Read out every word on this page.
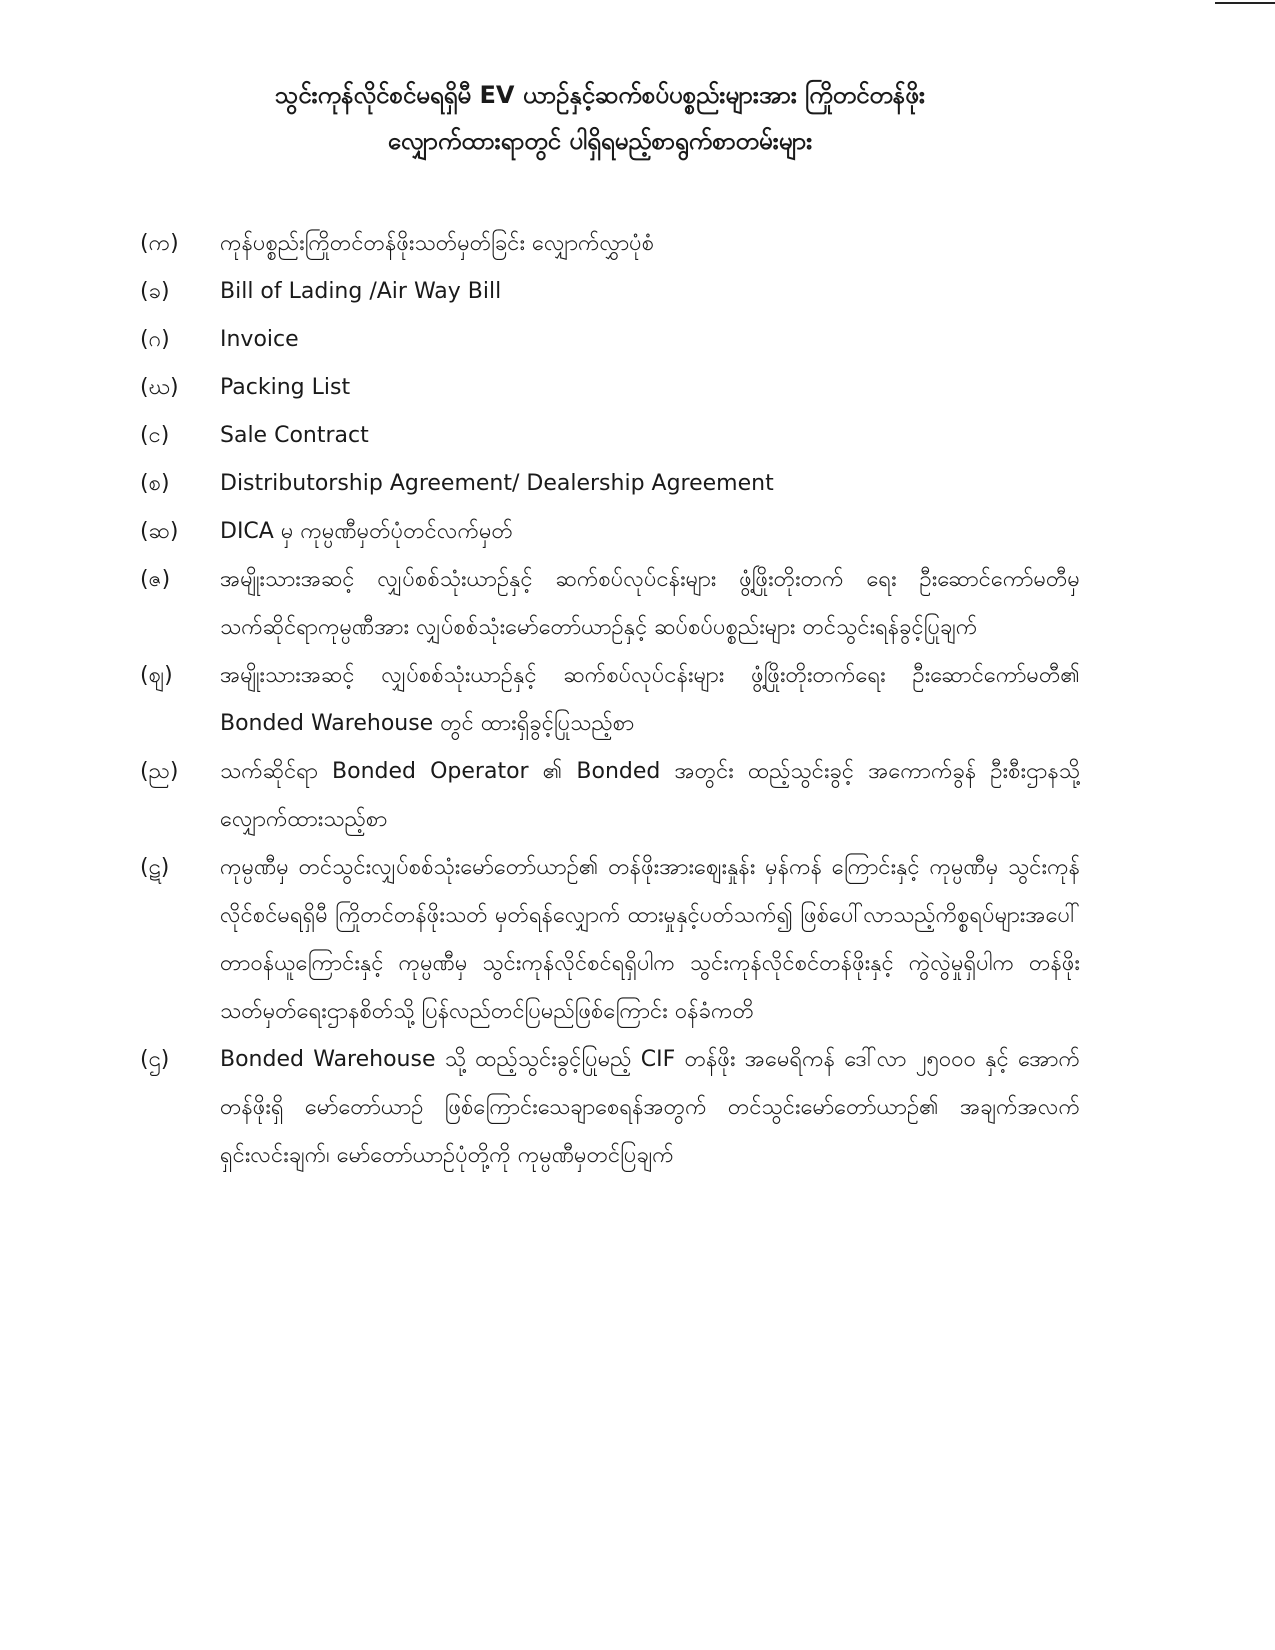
သွင်းကုန်လိုင်စင်မရရှိမီ EV ယာဉ်နှင့်ဆက်စပ်ပစ္စည်းများအား ကြိုတင်တန်ဖိုး
လျှောက်ထားရာတွင် ပါရှိရမည့်စာရွက်စာတမ်းများ
(က)	ကုန်ပစ္စည်းကြိုတင်တန်ဖိုးသတ်မှတ်ခြင်း လျှောက်လွှာပုံစံ
(ခ)	Bill of Lading /Air Way Bill
(ဂ)	Invoice
(ဃ)	Packing List
(င)	Sale Contract
(စ)	Distributorship Agreement/ Dealership Agreement
(ဆ)	DICA မှ ကုမ္ပဏီမှတ်ပုံတင်လက်မှတ်
(ဇ)	အမျိုးသားအဆင့် လျှပ်စစ်သုံးယာဉ်နှင့် ဆက်စပ်လုပ်ငန်းများ ဖွံ့ဖြိုးတိုးတက် ရေး ဦးဆောင်ကော်မတီမှ သက်ဆိုင်ရာကုမ္ပဏီအား လျှပ်စစ်သုံးမော်တော်ယာဉ်နှင့် ဆပ်စပ်ပစ္စည်းများ တင်သွင်းရန်ခွင့်ပြုချက်
(ဈ)	အမျိုးသားအဆင့် လျှပ်စစ်သုံးယာဉ်နှင့် ဆက်စပ်လုပ်ငန်းများ ဖွံ့ဖြိုးတိုးတက်ရေး ဦးဆောင်ကော်မတီ၏ Bonded Warehouse တွင် ထားရှိခွင့်ပြုသည့်စာ
(ည)	သက်ဆိုင်ရာ Bonded Operator ၏ Bonded အတွင်း ထည့်သွင်းခွင့် အကောက်ခွန် ဦးစီးဌာနသို့ လျှောက်ထားသည့်စာ
(ဋ)	ကုမ္ပဏီမှ တင်သွင်းလျှပ်စစ်သုံးမော်တော်ယာဉ်၏ တန်ဖိုးအားဈေးနှုန်း မှန်ကန် ကြောင်းနှင့် ကုမ္ပဏီမှ သွင်းကုန်လိုင်စင်မရရှိမီ ကြိုတင်တန်ဖိုးသတ် မှတ်ရန်လျှောက် ထားမှုနှင့်ပတ်သက်၍ ဖြစ်ပေါ်လာသည့်ကိစ္စရပ်များအပေါ် တာဝန်ယူကြောင်းနှင့် ကုမ္ပဏီမှ သွင်းကုန်လိုင်စင်ရရှိပါက သွင်းကုန်လိုင်စင်တန်ဖိုးနှင့် ကွဲလွဲမှုရှိပါက တန်ဖိုး သတ်မှတ်ရေးဌာနစိတ်သို့ ပြန်လည်တင်ပြမည်ဖြစ်ကြောင်း ဝန်ခံကတိ
(ဌ)	Bonded Warehouse သို့ ထည့်သွင်းခွင့်ပြုမည့် CIF တန်ဖိုး အမေရိကန် ဒေါ်လာ ၂၅၀၀၀ နှင့် အောက်တန်ဖိုးရှိ မော်တော်ယာဉ် ဖြစ်ကြောင်းသေချာစေရန်အတွက် တင်သွင်းမော်တော်ယာဉ်၏ အချက်အလက်ရှင်းလင်းချက်၊ မော်တော်ယာဉ်ပုံတို့ကို ကုမ္ပဏီမှတင်ပြချက်
